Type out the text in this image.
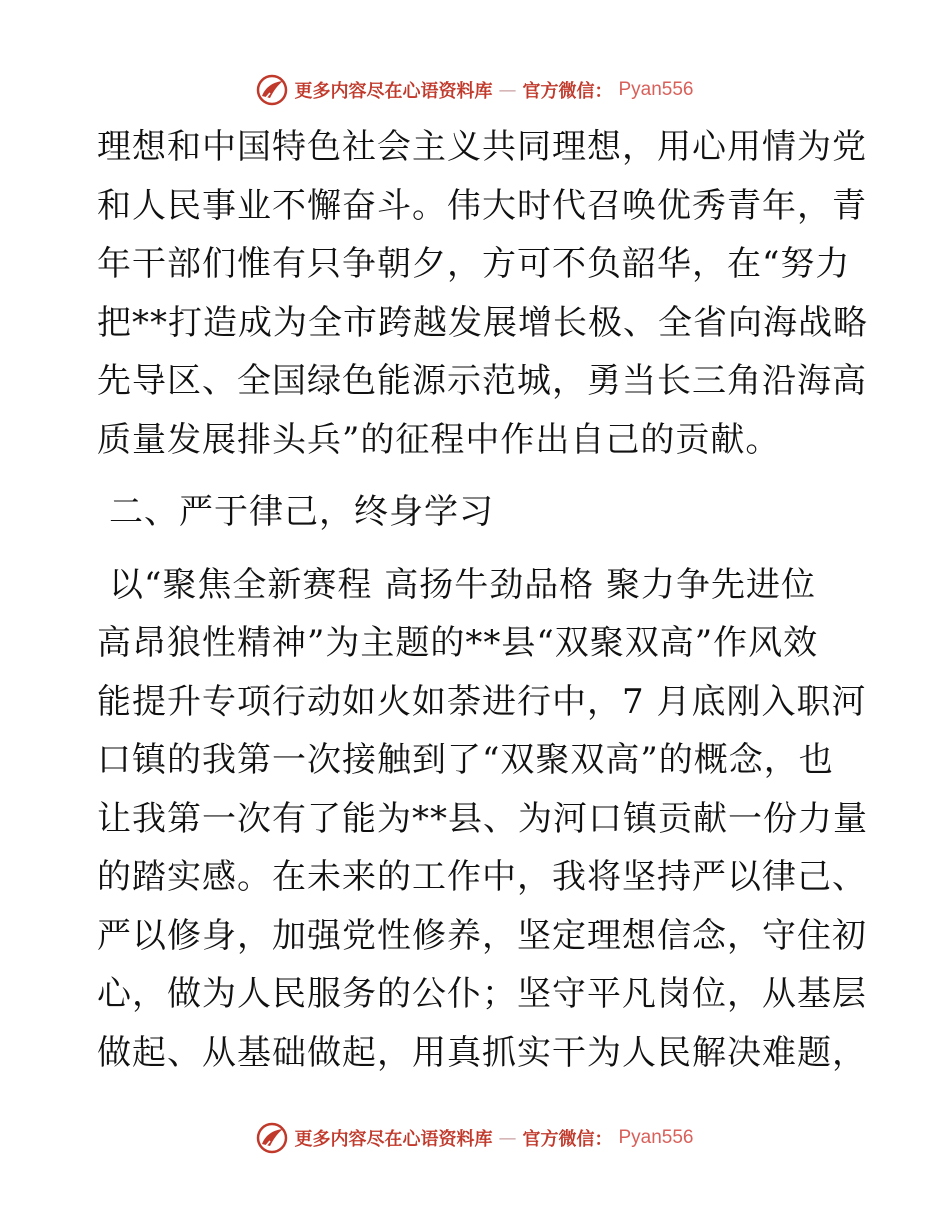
更多内容尽在心语资料库 — 官方微信： Pyan556
理想和中国特色社会主义共同理想，用心用情为党
和人民事业不懈奋斗。伟大时代召唤优秀青年，青
年干部们惟有只争朝夕，方可不负韶华，在“努力
把**打造成为全市跨越发展增长极、全省向海战略
先导区、全国绿色能源示范城，勇当长三角沿海高
质量发展排头兵”的征程中作出自己的贡献。
二、严于律己，终身学习
以“聚焦全新赛程 高扬牛劲品格 聚力争先进位
高昂狼性精神”为主题的**县“双聚双高”作风效
能提升专项行动如火如荼进行中，7 月底刚入职河
口镇的我第一次接触到了“双聚双高”的概念，也
让我第一次有了能为**县、为河口镇贡献一份力量
的踏实感。在未来的工作中，我将坚持严以律己、
严以修身，加强党性修养，坚定理想信念，守住初
心，做为人民服务的公仆；坚守平凡岗位，从基层
做起、从基础做起，用真抓实干为人民解决难题，
更多内容尽在心语资料库 — 官方微信： Pyan556
